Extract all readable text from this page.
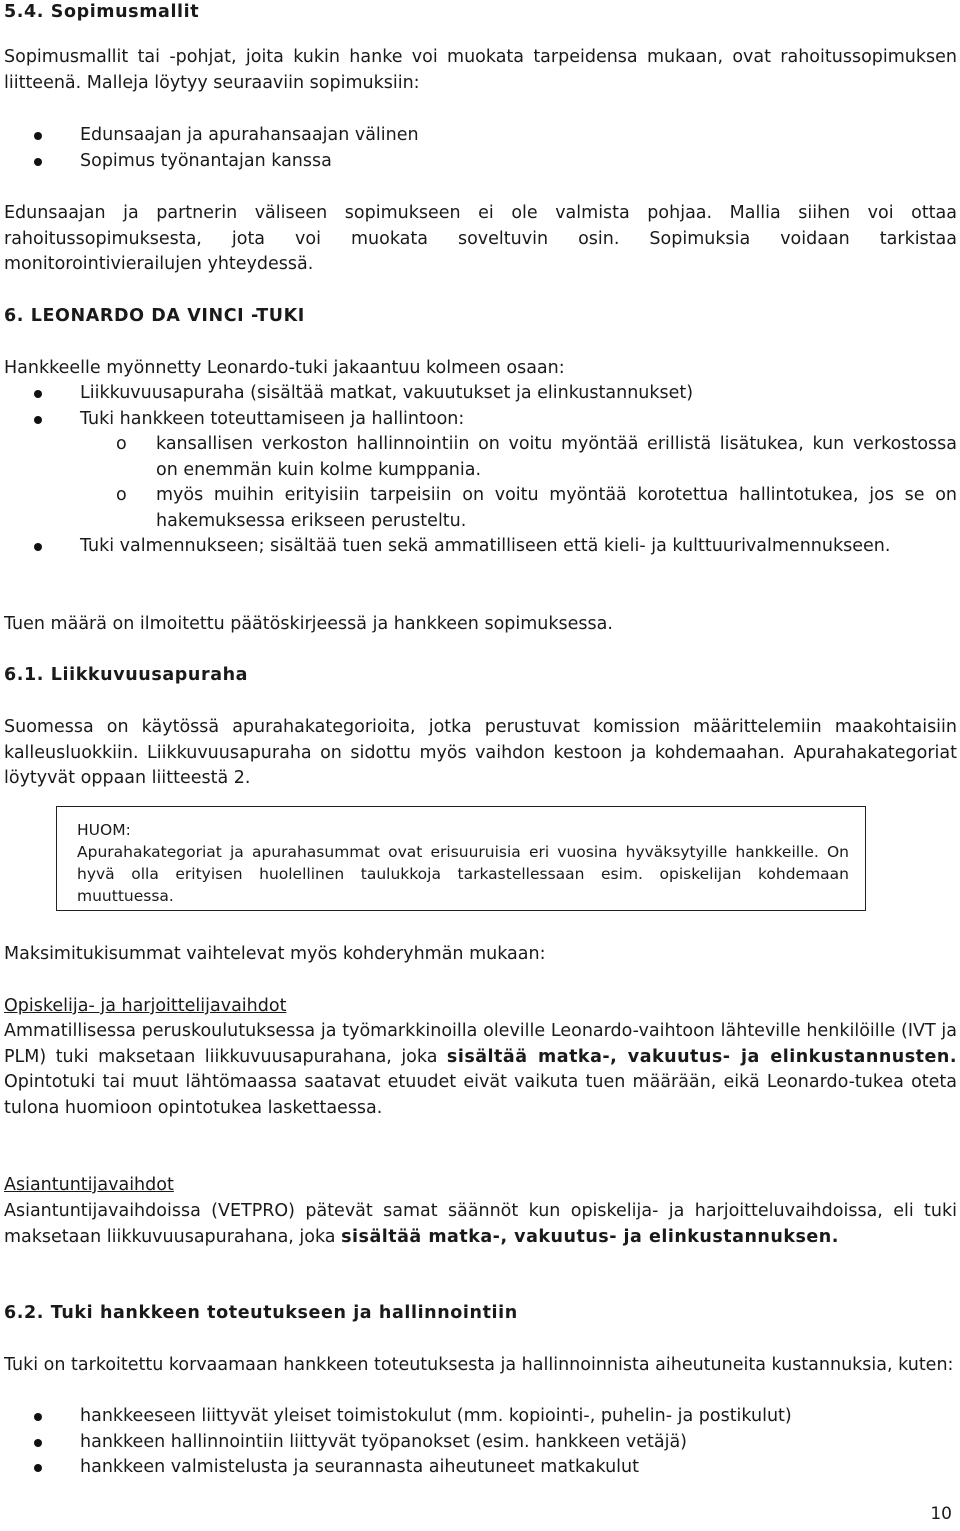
5.4. Sopimusmallit
Sopimusmallit tai -pohjat, joita kukin hanke voi muokata tarpeidensa mukaan, ovat rahoitussopimuksen liitteenä. Malleja löytyy seuraaviin sopimuksiin:
Edunsaajan ja apurahansaajan välinen
Sopimus työnantajan kanssa
Edunsaajan ja partnerin väliseen sopimukseen ei ole valmista pohjaa. Mallia siihen voi ottaa rahoitussopimuksesta, jota voi muokata soveltuvin osin. Sopimuksia voidaan tarkistaa monitorointivierailujen yhteydessä.
6. LEONARDO DA VINCI -TUKI
Hankkeelle myönnetty Leonardo-tuki jakaantuu kolmeen osaan:
Liikkuvuusapuraha (sisältää matkat, vakuutukset ja elinkustannukset)
Tuki hankkeen toteuttamiseen ja hallintoon:
o kansallisen verkoston hallinnointiin on voitu myöntää erillistä lisätukea, kun verkostossa on enemmän kuin kolme kumppania.
o myös muihin erityisiin tarpeisiin on voitu myöntää korotettua hallintotukea, jos se on hakemuksessa erikseen perusteltu.
Tuki valmennukseen; sisältää tuen sekä ammatilliseen että kieli- ja kulttuurivalmennukseen.
Tuen määrä on ilmoitettu päätöskirjeessä ja hankkeen sopimuksessa.
6.1. Liikkuvuusapuraha
Suomessa on käytössä apurahakategorioita, jotka perustuvat komission määrittelemiin maakohtaisiin kalleusluokkiin. Liikkuvuusapuraha on sidottu myös vaihdon kestoon ja kohdemaahan. Apurahakategoriat löytyvät oppaan liitteestä 2.
HUOM:
Apurahakategoriat ja apurahasummat ovat erisuuruisia eri vuosina hyväksytyille hankkeille. On hyvä olla erityisen huolellinen taulukkoja tarkastellessaan esim. opiskelijan kohdemaan muuttuessa.
Maksimitukisummat vaihtelevat myös kohderyhmän mukaan:
Opiskelija- ja harjoittelijavaihdot
Ammatillisessa peruskoulutuksessa ja työmarkkinoilla oleville Leonardo-vaihtoon lähteville henkilöille (IVT ja PLM) tuki maksetaan liikkuvuusapurahana, joka sisältää matka-, vakuutus- ja elinkustannusten. Opintotuki tai muut lähtömaassa saatavat etuudet eivät vaikuta tuen määrään, eikä Leonardo-tukea oteta tulona huomioon opintotukea laskettaessa.
Asiantuntijavaihdot
Asiantuntijavaihdoissa (VETPRO) pätevät samat säännöt kun opiskelija- ja harjoitteluvaihdoissa, eli tuki maksetaan liikkuvuusapurahana, joka sisältää matka-, vakuutus- ja elinkustannuksen.
6.2. Tuki hankkeen toteutukseen ja hallinnointiin
Tuki on tarkoitettu korvaamaan hankkeen toteutuksesta ja hallinnoinnista aiheutuneita kustannuksia, kuten:
hankkeeseen liittyvät yleiset toimistokulut (mm. kopiointi-, puhelin- ja postikulut)
hankkeen hallinnointiin liittyvät työpanokset (esim. hankkeen vetäjä)
hankkeen valmistelusta ja seurannasta aiheutuneet matkakulut
10
